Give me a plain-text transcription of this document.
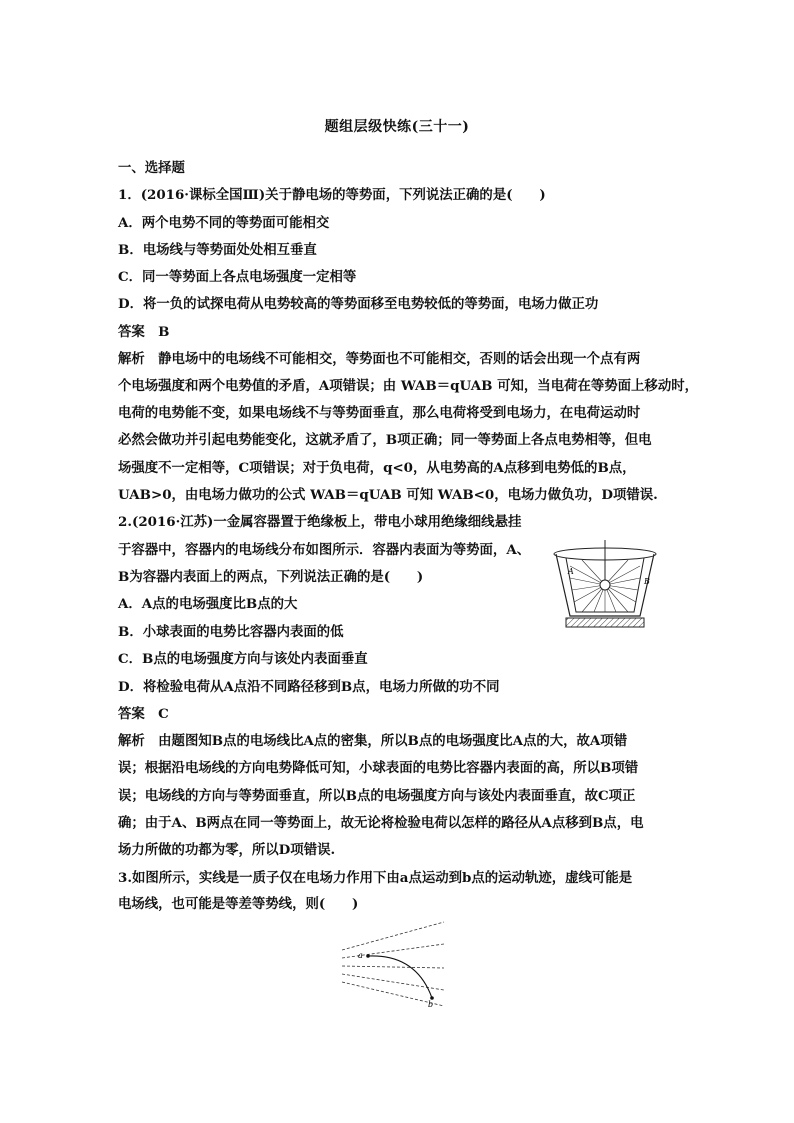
题组层级快练(三十一)
一、选择题
1．(2016·课标全国Ⅲ)关于静电场的等势面，下列说法正确的是(　　)
A．两个电势不同的等势面可能相交
B．电场线与等势面处处相互垂直
C．同一等势面上各点电场强度一定相等
D．将一负的试探电荷从电势较高的等势面移至电势较低的等势面，电场力做正功
答案　B
解析　静电场中的电场线不可能相交，等势面也不可能相交，否则的话会出现一个点有两
个电场强度和两个电势值的矛盾，A项错误；由 WAB＝qUAB 可知，当电荷在等势面上移动时，
电荷的电势能不变，如果电场线不与等势面垂直，那么电荷将受到电场力，在电荷运动时
必然会做功并引起电势能变化，这就矛盾了，B项正确；同一等势面上各点电势相等，但电
场强度不一定相等，C项错误；对于负电荷，q<0，从电势高的A点移到电势低的B点，
UAB>0，由电场力做功的公式 WAB＝qUAB 可知 WAB<0，电场力做负功，D项错误.
2.(2016·江苏)一金属容器置于绝缘板上，带电小球用绝缘细线悬挂
于容器中，容器内的电场线分布如图所示．容器内表面为等势面，A、
B为容器内表面上的两点，下列说法正确的是(　　)
A．A点的电场强度比B点的大
B．小球表面的电势比容器内表面的低
C．B点的电场强度方向与该处内表面垂直
D．将检验电荷从A点沿不同路径移到B点，电场力所做的功不同
答案　C
解析　由题图知B点的电场线比A点的密集，所以B点的电场强度比A点的大，故A项错
误；根据沿电场线的方向电势降低可知，小球表面的电势比容器内表面的高，所以B项错
误；电场线的方向与等势面垂直，所以B点的电场强度方向与该处内表面垂直，故C项正
确；由于A、B两点在同一等势面上，故无论将检验电荷以怎样的路径从A点移到B点，电
场力所做的功都为零，所以D项错误.
A
B
3.如图所示，实线是一质子仅在电场力作用下由a点运动到b点的运动轨迹，虚线可能是
电场线，也可能是等差等势线，则(　　)
a
b
